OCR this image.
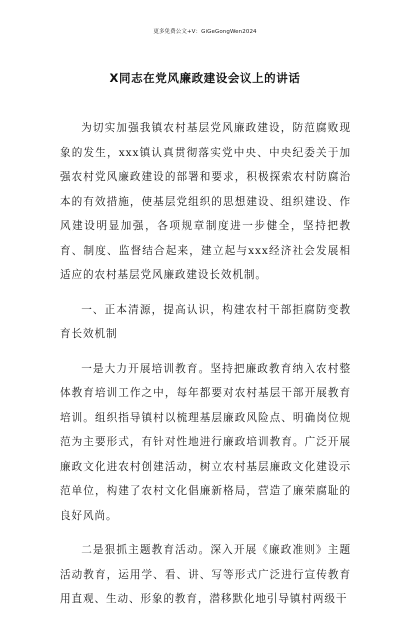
更多免费公文+V：GiGeGongWen2024
X同志在党风廉政建设会议上的讲话

为切实加强我镇农村基层党风廉政建设，防范腐败现象的发生，xxx镇认真贯彻落实党中央、中央纪委关于加强农村党风廉政建设的部署和要求，积极探索农村防腐治本的有效措施，使基层党组织的思想建设、组织建设、作风建设明显加强，各项规章制度进一步健全，坚持把教育、制度、监督结合起来，建立起与xxx经济社会发展相适应的农村基层党风廉政建设长效机制。

一、正本清源，提高认识，构建农村干部拒腐防变教育长效机制

一是大力开展培训教育。坚持把廉政教育纳入农村整体教育培训工作之中，每年都要对农村基层干部开展教育培训。组织指导镇村以梳理基层廉政风险点、明确岗位规范为主要形式，有针对性地进行廉政培训教育。广泛开展廉政文化进农村创建活动，树立农村基层廉政文化建设示范单位，构建了农村文化倡廉新格局，营造了廉荣腐耻的良好风尚。

二是狠抓主题教育活动。深入开展《廉政准则》主题活动教育，运用学、看、讲、写等形式广泛进行宣传教育用直观、生动、形象的教育，潜移默化地引导镇村两级干
